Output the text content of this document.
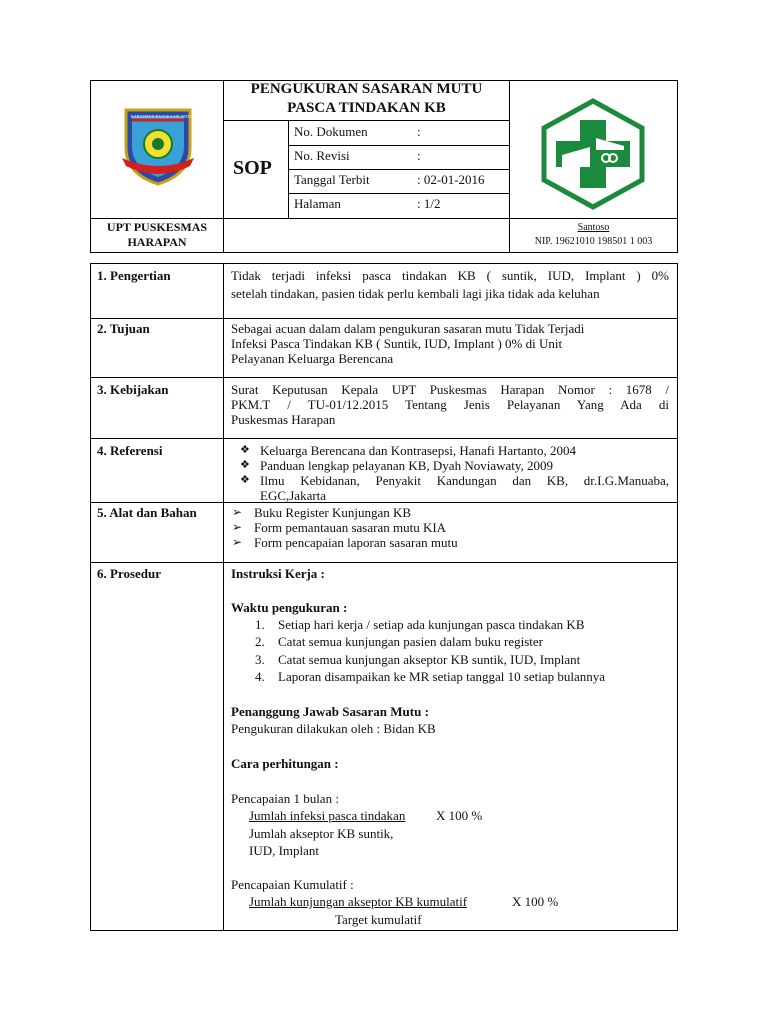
KABUPATEN BANGKA SELATAN
PENGUKURAN SASARAN MUTU
PASCA TINDAKAN KB
SOP
No. Dokumen	:
No. Revisi	:
Tanggal Terbit	: 02-01-2016
Halaman	: 1/2
UPT PUSKESMAS
HARAPAN
Santoso
NIP. 19621010 198501 1 003
1. Pengertian	Tidak terjadi infeksi pasca tindakan KB ( suntik, IUD, Implant ) 0%
setelah tindakan, pasien tidak perlu kembali lagi jika tidak ada keluhan
2. Tujuan	Sebagai acuan dalam dalam pengukuran sasaran mutu Tidak Terjadi
Infeksi Pasca Tindakan KB ( Suntik, IUD, Implant ) 0% di Unit
Pelayanan Keluarga Berencana
3. Kebijakan	Surat Keputusan Kepala UPT Puskesmas Harapan Nomor : 1678 /
PKM.T / TU-01/12.2015 Tentang Jenis Pelayanan Yang Ada di
Puskesmas Harapan
4. Referensi	❖ Keluarga Berencana dan Kontrasepsi, Hanafi Hartanto, 2004
❖ Panduan lengkap pelayanan KB, Dyah Noviawaty, 2009
❖ Ilmu Kebidanan, Penyakit Kandungan dan KB, dr.I.G.Manuaba,
EGC,Jakarta
5. Alat dan Bahan	➢ Buku Register Kunjungan KB
➢ Form pemantauan sasaran mutu KIA
➢ Form pencapaian laporan sasaran mutu
6. Prosedur	Instruksi Kerja :
Waktu pengukuran :
1. Setiap hari kerja / setiap ada kunjungan pasca tindakan KB
2. Catat semua kunjungan pasien dalam buku register
3. Catat semua kunjungan akseptor KB suntik, IUD, Implant
4. Laporan disampaikan ke MR setiap tanggal 10 setiap bulannya
Penanggung Jawab Sasaran Mutu :
Pengukuran dilakukan oleh : Bidan KB
Cara perhitungan :
Pencapaian 1 bulan :
Jumlah infeksi pasca tindakan X 100 %
Jumlah akseptor KB suntik,
IUD, Implant
Pencapaian Kumulatif :
Jumlah kunjungan akseptor KB kumulatif	X 100 %
Target kumulatif
